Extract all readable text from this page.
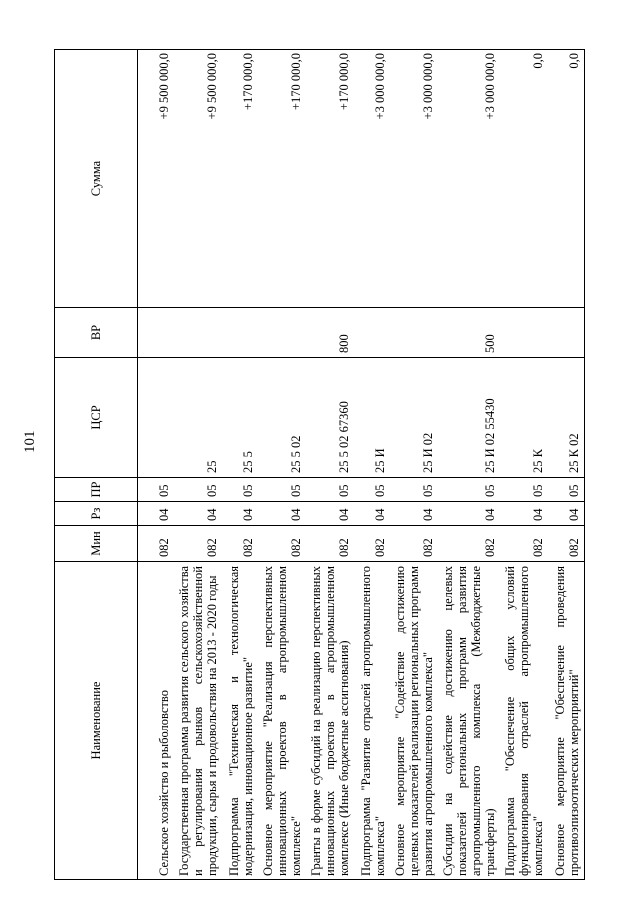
101
Наименование	Мин	Рз	ПР	ЦСР	ВР	Сумма
Сельское хозяйство и рыболовство	082	04	05			+9 500 000,0
Государственная программа развития сельского хозяйства и регулирования рынков сельскохозяйственной продукции, сырья и продовольствия на 2013 - 2020 годы	082	04	05	25		+9 500 000,0
Подпрограмма "Техническая и технологическая модернизация, инновационное развитие"	082	04	05	25 5		+170 000,0
Основное мероприятие "Реализация перспективных инновационных проектов в агропромышленном комплексе"	082	04	05	25 5 02		+170 000,0
Гранты в форме субсидий на реализацию перспективных инновационных проектов в агропромышленном комплексе (Иные бюджетные ассигнования)	082	04	05	25 5 02 67360	800	+170 000,0
Подпрограмма "Развитие отраслей агропромышленного комплекса"	082	04	05	25 И		+3 000 000,0
Основное мероприятие "Содействие достижению целевых показателей реализации региональных программ развития агропромышленного комплекса"	082	04	05	25 И 02		+3 000 000,0
Субсидии на содействие достижению целевых показателей региональных программ развития агропромышленного комплекса (Межбюджетные трансферты)	082	04	05	25 И 02 55430	500	+3 000 000,0
Подпрограмма "Обеспечение общих условий функционирования отраслей агропромышленного комплекса"	082	04	05	25 К		0,0
Основное мероприятие "Обеспечение проведения противоэпизоотических мероприятий"	082	04	05	25 К 02		0,0
